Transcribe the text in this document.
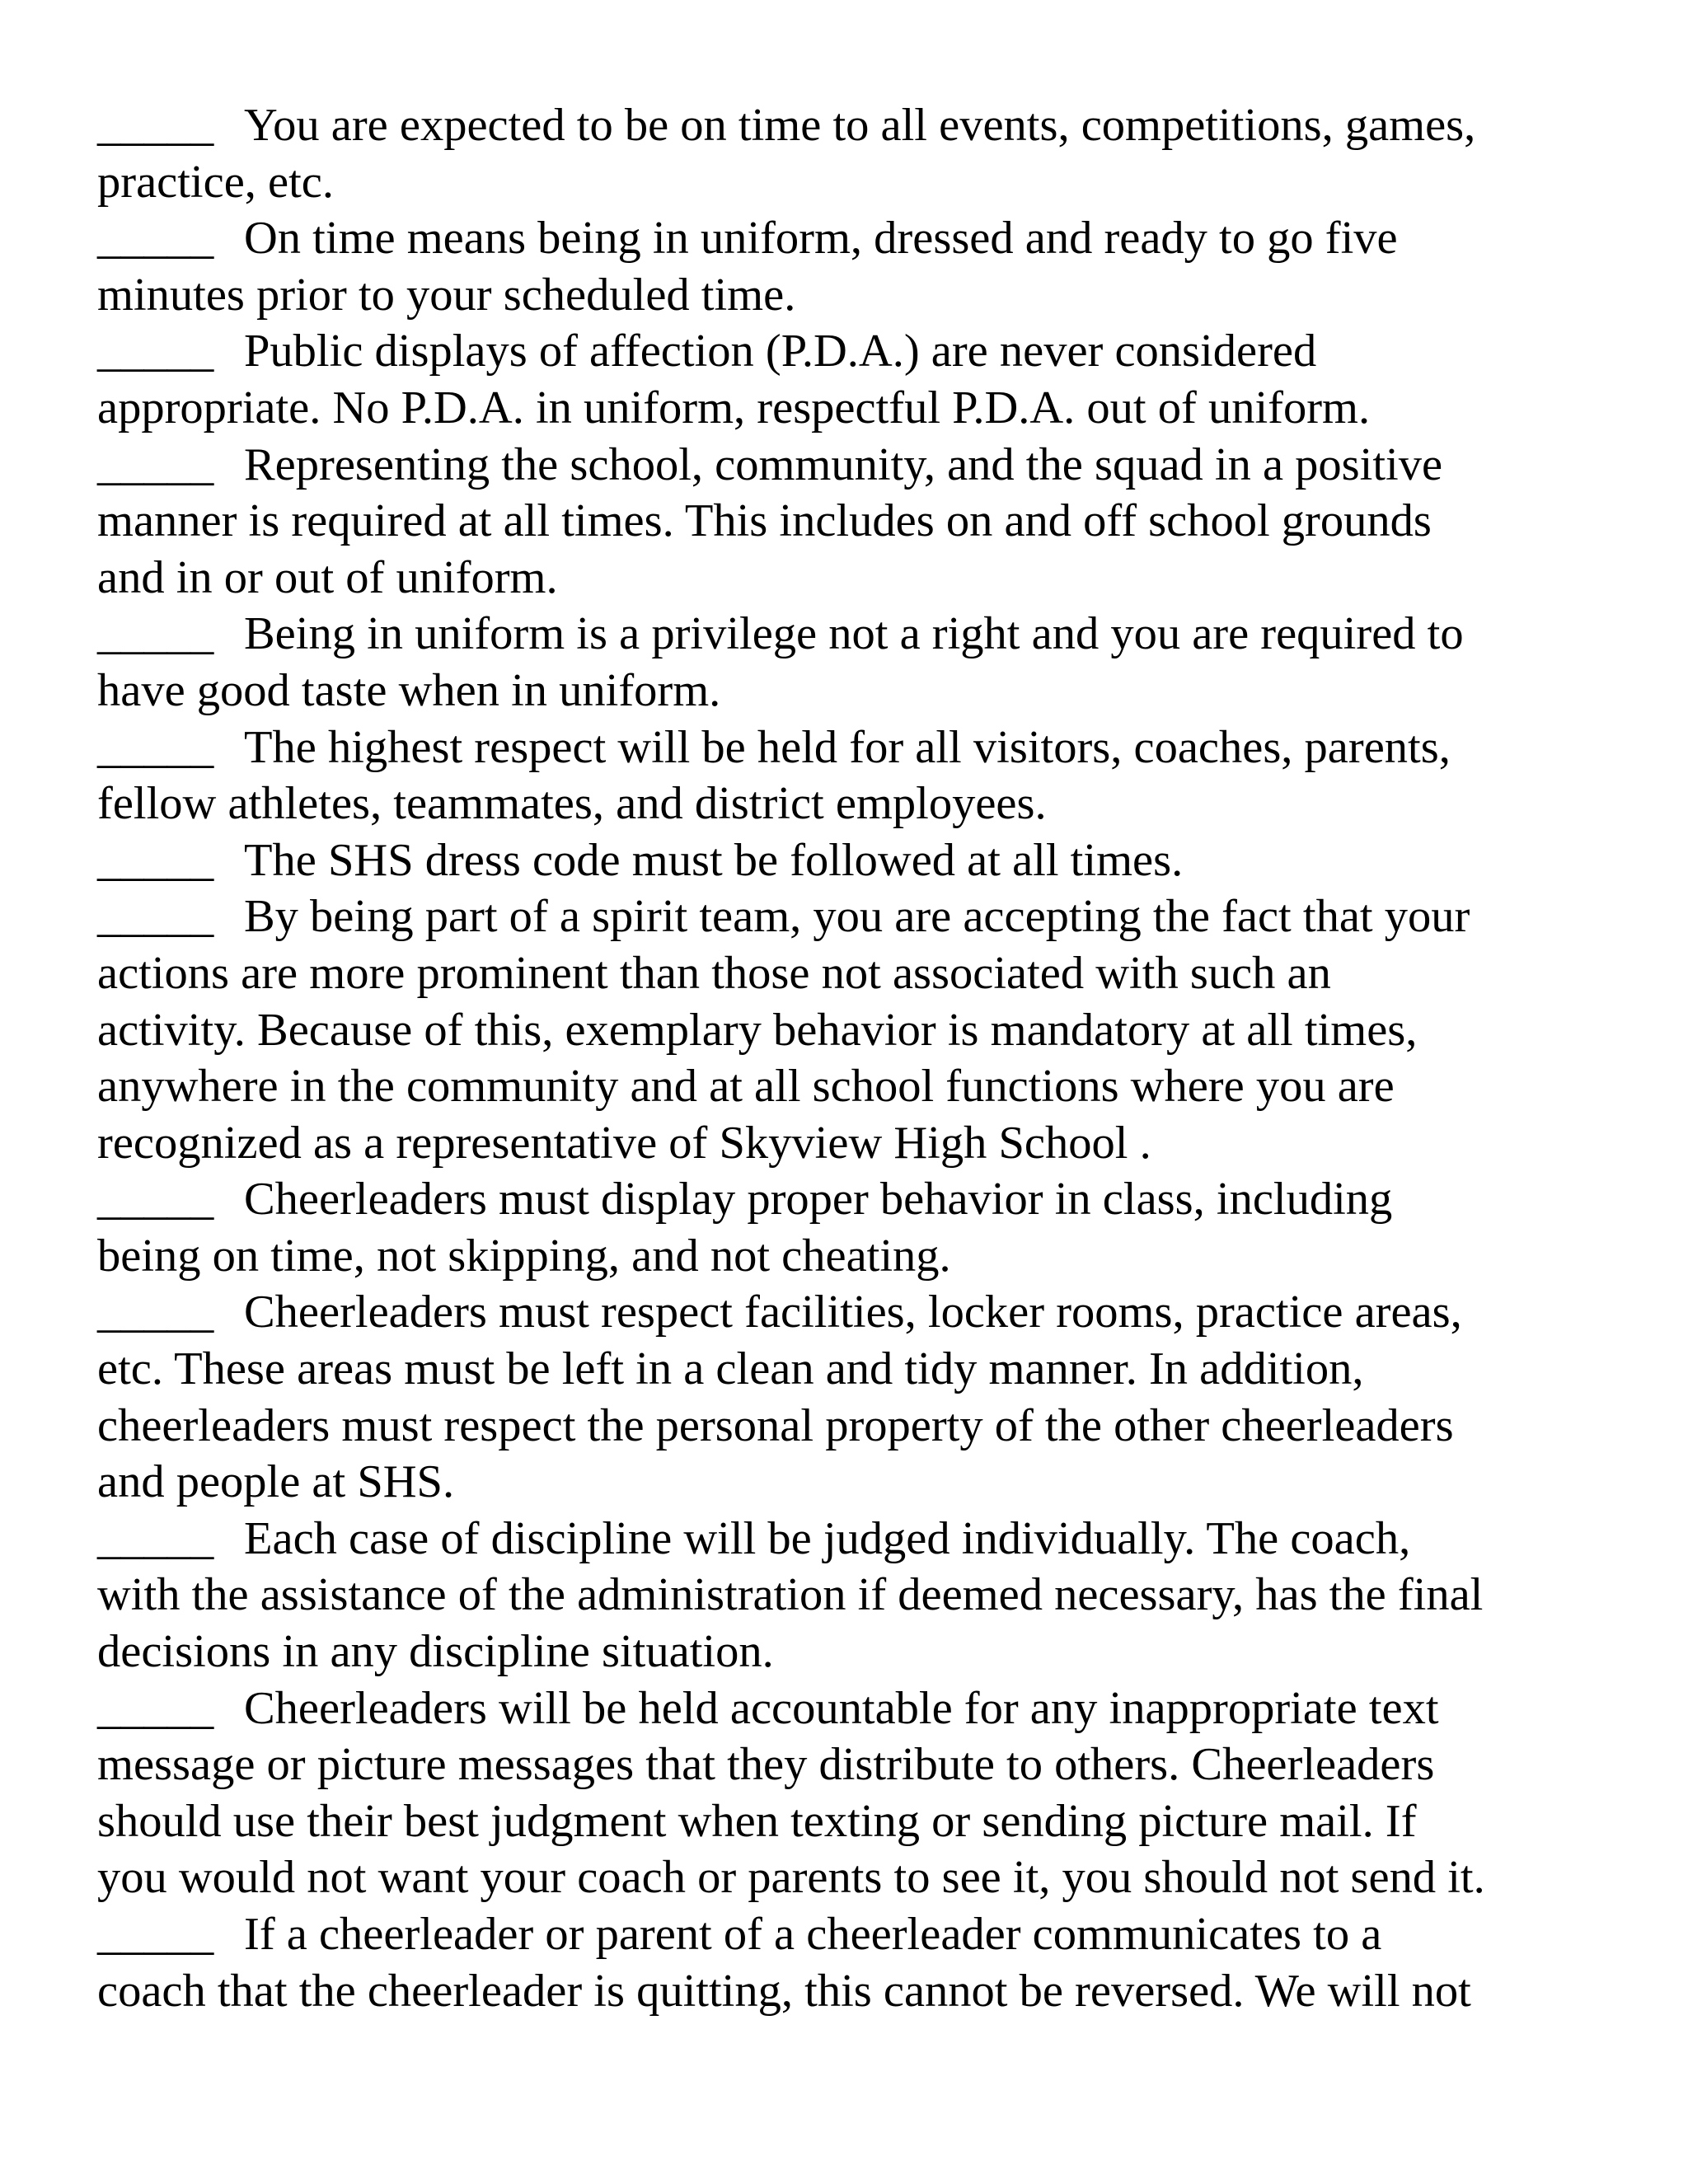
_____ You are expected to be on time to all events, competitions, games,
practice, etc.
_____ On time means being in uniform, dressed and ready to go five
minutes prior to your scheduled time.
_____ Public displays of affection (P.D.A.) are never considered
appropriate. No P.D.A. in uniform, respectful P.D.A. out of uniform.
_____ Representing the school, community, and the squad in a positive
manner is required at all times. This includes on and off school grounds
and in or out of uniform.
_____ Being in uniform is a privilege not a right and you are required to
have good taste when in uniform.
_____ The highest respect will be held for all visitors, coaches, parents,
fellow athletes, teammates, and district employees.
_____ The SHS dress code must be followed at all times.
_____ By being part of a spirit team, you are accepting the fact that your
actions are more prominent than those not associated with such an
activity. Because of this, exemplary behavior is mandatory at all times,
anywhere in the community and at all school functions where you are
recognized as a representative of Skyview High School .
_____ Cheerleaders must display proper behavior in class, including
being on time, not skipping, and not cheating.
_____ Cheerleaders must respect facilities, locker rooms, practice areas,
etc. These areas must be left in a clean and tidy manner. In addition,
cheerleaders must respect the personal property of the other cheerleaders
and people at SHS.
_____ Each case of discipline will be judged individually. The coach,
with the assistance of the administration if deemed necessary, has the final
decisions in any discipline situation.
_____ Cheerleaders will be held accountable for any inappropriate text
message or picture messages that they distribute to others. Cheerleaders
should use their best judgment when texting or sending picture mail. If
you would not want your coach or parents to see it, you should not send it.
_____ If a cheerleader or parent of a cheerleader communicates to a
coach that the cheerleader is quitting, this cannot be reversed. We will not
